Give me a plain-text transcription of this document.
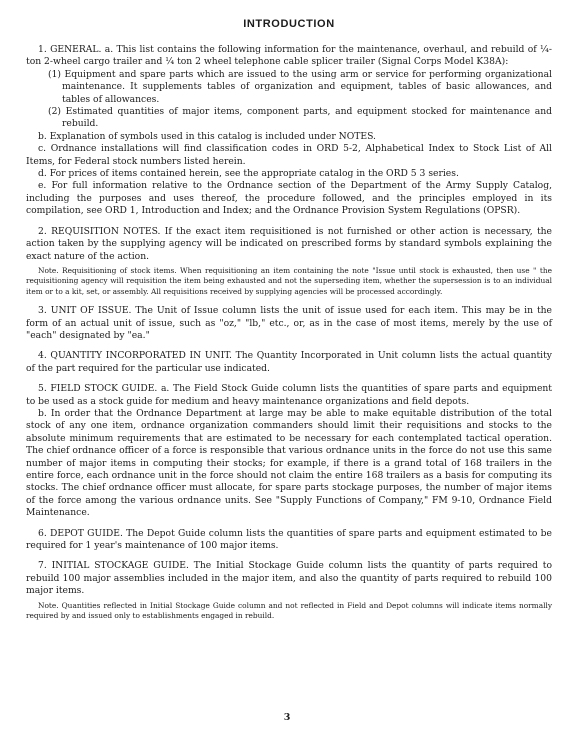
INTRODUCTION

1. GENERAL. a. This list contains the following information for the maintenance, overhaul, and rebuild of ¼-ton 2-wheel cargo trailer and ¼ ton 2 wheel telephone cable splicer trailer (Signal Corps Model K38A):

(1) Equipment and spare parts which are issued to the using arm or service for performing organizational maintenance. It supplements tables of organization and equipment, tables of basic allowances, and tables of allowances.

(2) Estimated quantities of major items, component parts, and equipment stocked for maintenance and rebuild.

b. Explanation of symbols used in this catalog is included under NOTES.

c. Ordnance installations will find classification codes in ORD 5-2, Alphabetical Index to Stock List of All Items, for Federal stock numbers listed herein.

d. For prices of items contained herein, see the appropriate catalog in the ORD 5 3 series.

e. For full information relative to the Ordnance section of the Department of the Army Supply Catalog, including the purposes and uses thereof, the procedure followed, and the principles employed in its compilation, see ORD 1, Introduction and Index; and the Ordnance Provision System Regulations (OPSR).

2. REQUISITION NOTES. If the exact item requisitioned is not furnished or other action is necessary, the action taken by the supplying agency will be indicated on prescribed forms by standard symbols explaining the exact nature of the action.

Note. Requisitioning of stock items. When requisitioning an item containing the note "Issue until stock is exhausted, then use " the requisitioning agency will requisition the item being exhausted and not the superseding item, whether the supersession is to an individual item or to a kit, set, or assembly. All requisitions received by supplying agencies will be processed accordingly.

3. UNIT OF ISSUE. The Unit of Issue column lists the unit of issue used for each item. This may be in the form of an actual unit of issue, such as "oz," "lb," etc., or, as in the case of most items, merely by the use of "each" designated by "ea."

4. QUANTITY INCORPORATED IN UNIT. The Quantity Incorporated in Unit column lists the actual quantity of the part required for the particular use indicated.

5. FIELD STOCK GUIDE. a. The Field Stock Guide column lists the quantities of spare parts and equipment to be used as a stock guide for medium and heavy maintenance organizations and field depots.

b. In order that the Ordnance Department at large may be able to make equitable distribution of the total stock of any one item, ordnance organization commanders should limit their requisitions and stocks to the absolute minimum requirements that are estimated to be necessary for each contemplated tactical operation. The chief ordnance officer of a force is responsible that various ordnance units in the force do not use this same number of major items in computing their stocks; for example, if there is a grand total of 168 trailers in the entire force, each ordnance unit in the force should not claim the entire 168 trailers as a basis for computing its stocks. The chief ordnance officer must allocate, for spare parts stockage purposes, the number of major items of the force among the various ordnance units. See "Supply Functions of Company," FM 9-10, Ordnance Field Maintenance.

6. DEPOT GUIDE. The Depot Guide column lists the quantities of spare parts and equipment estimated to be required for 1 year's maintenance of 100 major items.

7. INITIAL STOCKAGE GUIDE. The Initial Stockage Guide column lists the quantity of parts required to rebuild 100 major assemblies included in the major item, and also the quantity of parts required to rebuild 100 major items.

Note. Quantities reflected in Initial Stockage Guide column and not reflected in Field and Depot columns will indicate items normally required by and issued only to establishments engaged in rebuild.

3
